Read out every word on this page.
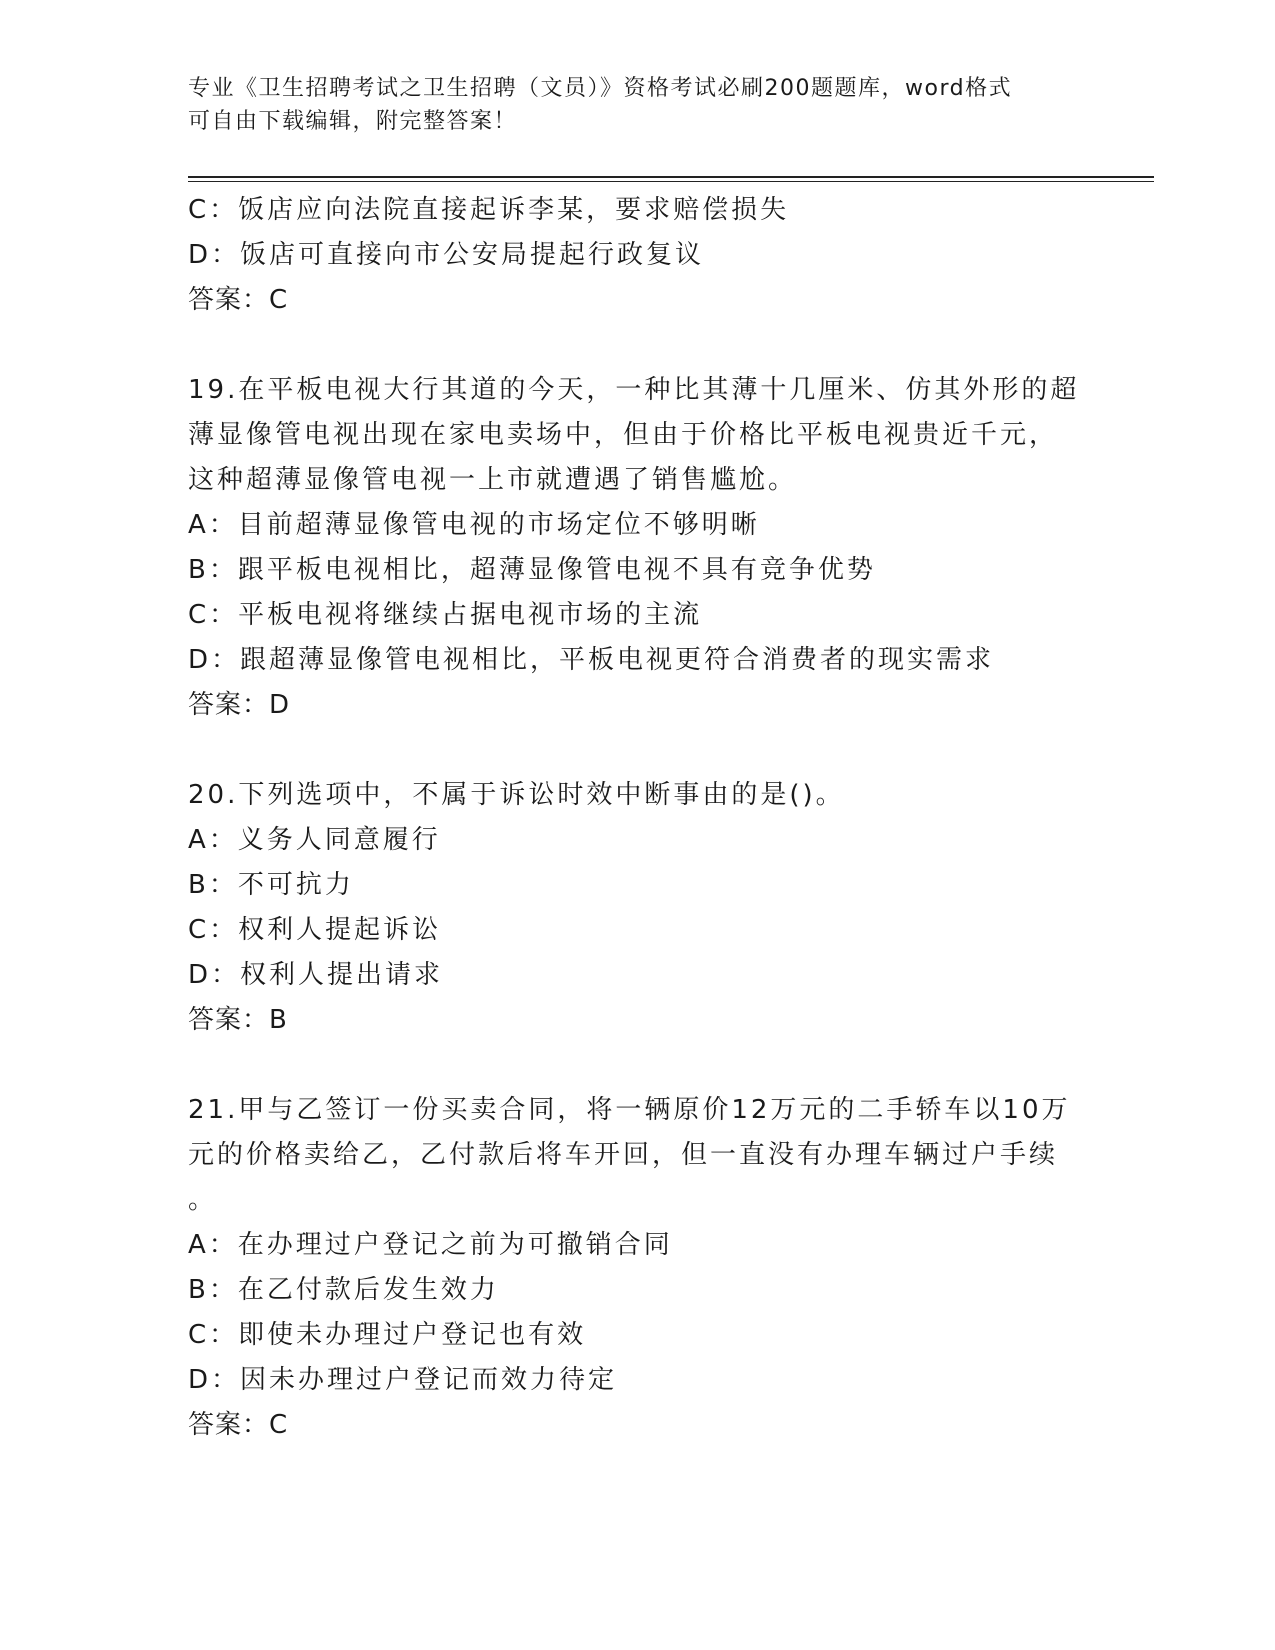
专业《卫生招聘考试之卫生招聘（文员）》资格考试必刷200题题库，word格式
可自由下载编辑，附完整答案！
C：饭店应向法院直接起诉李某，要求赔偿损失
D：饭店可直接向市公安局提起行政复议
答案：C
19.在平板电视大行其道的今天，一种比其薄十几厘米、仿其外形的超
薄显像管电视出现在家电卖场中，但由于价格比平板电视贵近千元，
这种超薄显像管电视一上市就遭遇了销售尴尬。
A：目前超薄显像管电视的市场定位不够明晰
B：跟平板电视相比，超薄显像管电视不具有竞争优势
C：平板电视将继续占据电视市场的主流
D：跟超薄显像管电视相比，平板电视更符合消费者的现实需求
答案：D
20.下列选项中，不属于诉讼时效中断事由的是()。
A：义务人同意履行
B：不可抗力
C：权利人提起诉讼
D：权利人提出请求
答案：B
21.甲与乙签订一份买卖合同，将一辆原价12万元的二手轿车以10万
元的价格卖给乙，乙付款后将车开回，但一直没有办理车辆过户手续
。
A：在办理过户登记之前为可撤销合同
B：在乙付款后发生效力
C：即使未办理过户登记也有效
D：因未办理过户登记而效力待定
答案：C
